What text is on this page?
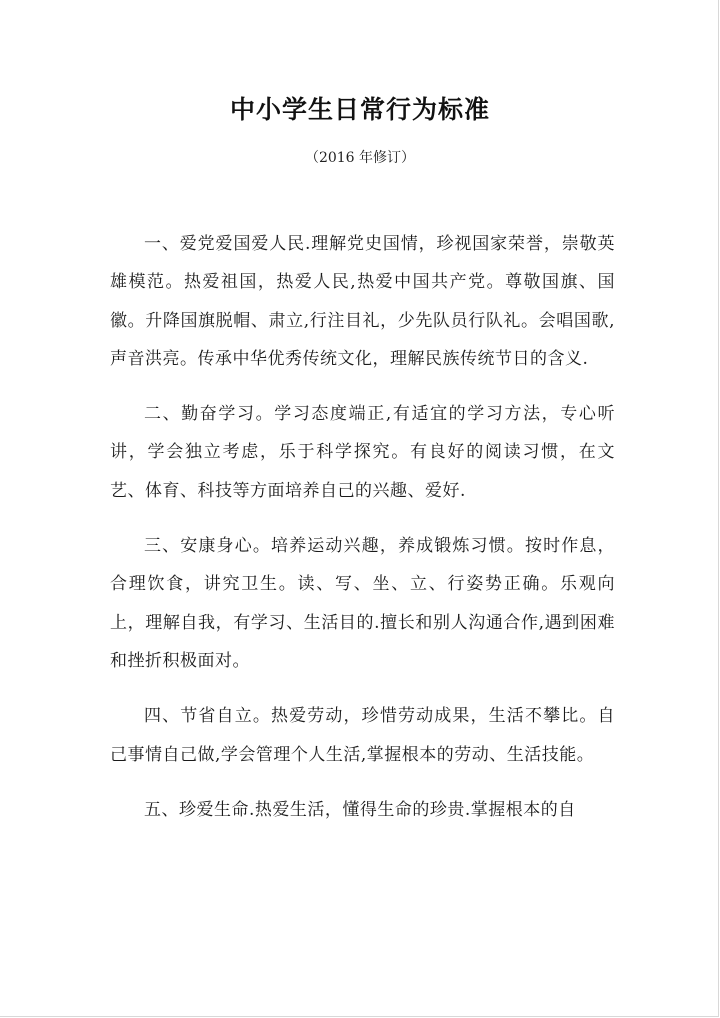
中小学生日常行为标准

（2016 年修订）

一、爱党爱国爱人民.理解党史国情，珍视国家荣誉，崇敬英雄模范。热爱祖国，热爱人民,热爱中国共产党。尊敬国旗、国徽。升降国旗脱帽、肃立,行注目礼，少先队员行队礼。会唱国歌,声音洪亮。传承中华优秀传统文化，理解民族传统节日的含义.

二、勤奋学习。学习态度端正,有适宜的学习方法，专心听讲，学会独立考虑，乐于科学探究。有良好的阅读习惯，在文艺、体育、科技等方面培养自己的兴趣、爱好.

三、安康身心。培养运动兴趣，养成锻炼习惯。按时作息，合理饮食，讲究卫生。读、写、坐、立、行姿势正确。乐观向上，理解自我，有学习、生活目的.擅长和别人沟通合作,遇到困难和挫折积极面对。

四、节省自立。热爱劳动，珍惜劳动成果，生活不攀比。自己事情自己做,学会管理个人生活,掌握根本的劳动、生活技能。

五、珍爱生命.热爱生活，懂得生命的珍贵.掌握根本的自
